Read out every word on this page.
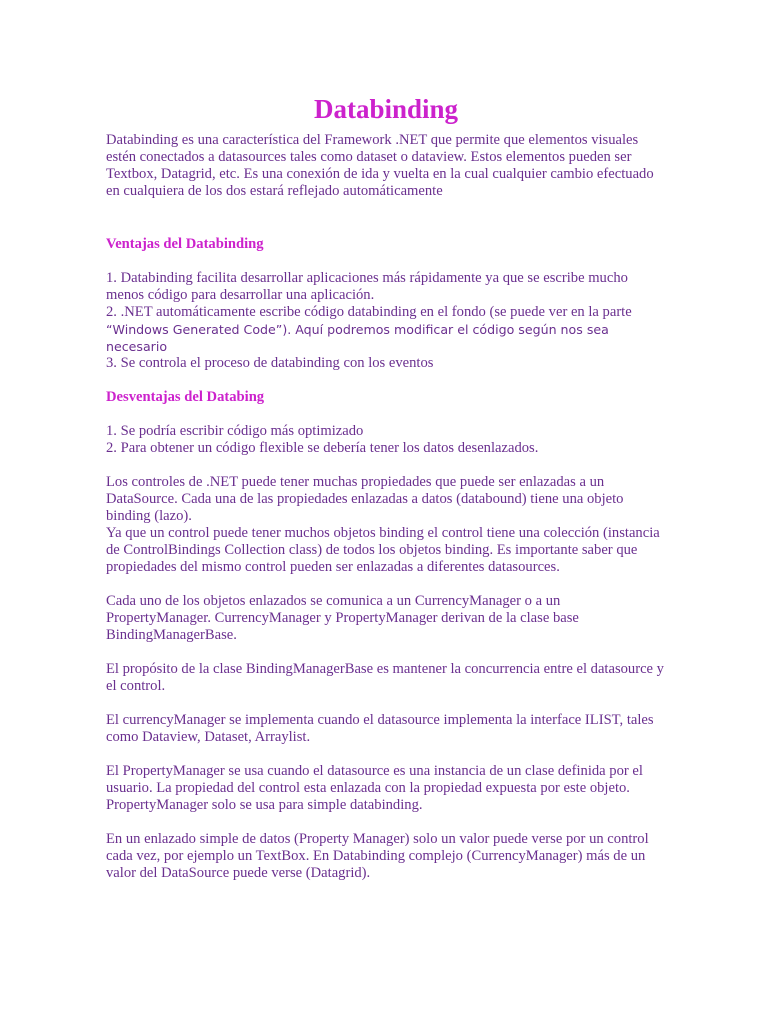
Databinding

Databinding es una característica del Framework .NET que permite que elementos visuales estén conectados a datasources tales como dataset o dataview. Estos elementos pueden ser Textbox, Datagrid, etc. Es una conexión de ida y vuelta en la cual cualquier cambio efectuado en cualquiera de los dos estará reflejado automáticamente

Ventajas del Databinding

1. Databinding facilita desarrollar aplicaciones más rápidamente ya que se escribe mucho menos código para desarrollar una aplicación.

2. .NET automáticamente escribe código databinding en el fondo (se puede ver en la parte
“Windows Generated Code”). Aquí podremos modificar el código según nos sea necesario

3. Se controla el proceso de databinding con los eventos

Desventajas del Databing

1. Se podría escribir código más optimizado

2. Para obtener un código flexible se debería tener los datos desenlazados.

Los controles de .NET puede tener muchas propiedades que puede ser enlazadas a un DataSource. Cada una de las propiedades enlazadas a datos (databound) tiene una objeto binding (lazo).

Ya que un control puede tener muchos objetos binding el control tiene una colección (instancia de ControlBindings Collection class) de todos los objetos binding. Es importante saber que propiedades del mismo control pueden ser enlazadas a diferentes datasources.

Cada uno de los objetos enlazados se comunica a un CurrencyManager o a un PropertyManager. CurrencyManager y PropertyManager derivan de la clase base BindingManagerBase.

El propósito de la clase BindingManagerBase es mantener la concurrencia entre el datasource y el control.

El currencyManager se implementa cuando el datasource implementa la interface ILIST, tales como Dataview, Dataset, Arraylist.

El PropertyManager se usa cuando el datasource es una instancia de un clase definida por el usuario. La propiedad del control esta enlazada con la propiedad expuesta por este objeto. PropertyManager solo se usa para simple databinding.

En un enlazado simple de datos (Property Manager) solo un valor puede verse por un control cada vez, por ejemplo un TextBox. En Databinding complejo (CurrencyManager) más de un valor del DataSource puede verse (Datagrid).
